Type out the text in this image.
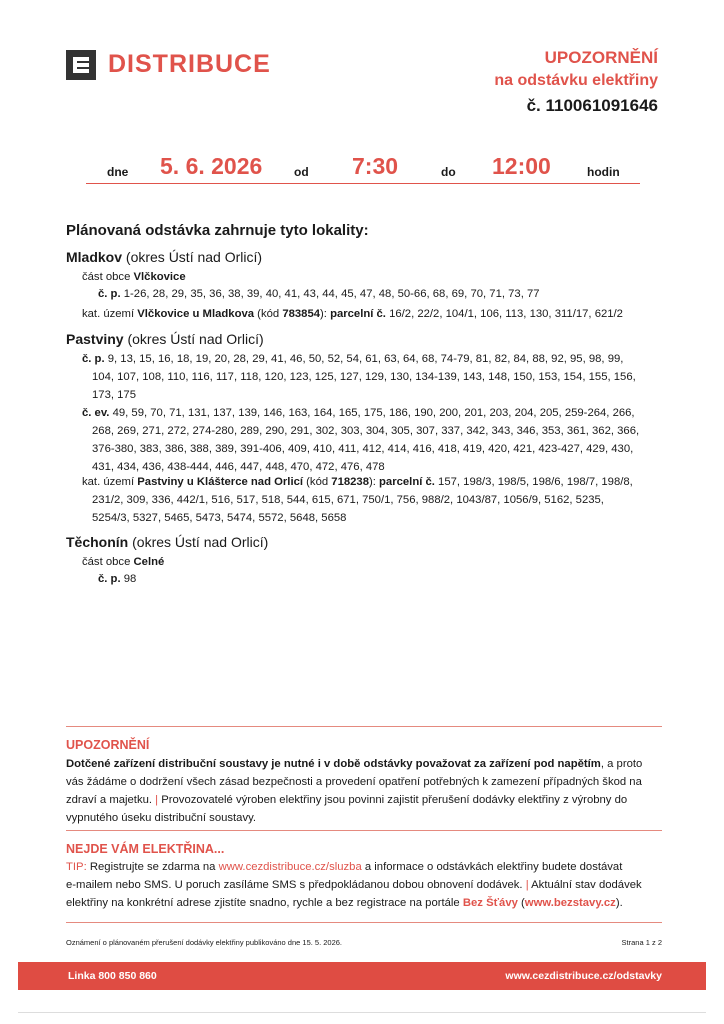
DISTRIBUCE	UPOZORNĚNÍ
na odstávku elektřiny
č. 110061091646
dne 5. 6. 2026	od 7:30	do 12:00	hodin
Plánovaná odstávka zahrnuje tyto lokality:
Mladkov (okres Ústí nad Orlicí)
část obce Vlčkovice
č. p. 1-26, 28, 29, 35, 36, 38, 39, 40, 41, 43, 44, 45, 47, 48, 50-66, 68, 69, 70, 71, 73, 77
kat. území Vlčkovice u Mladkova (kód 783854): parcelní č. 16/2, 22/2, 104/1, 106, 113, 130, 311/17, 621/2
Pastviny (okres Ústí nad Orlicí)
č. p. 9, 13, 15, 16, 18, 19, 20, 28, 29, 41, 46, 50, 52, 54, 61, 63, 64, 68, 74-79, 81, 82, 84, 88, 92, 95, 98, 99,
104, 107, 108, 110, 116, 117, 118, 120, 123, 125, 127, 129, 130, 134-139, 143, 148, 150, 153, 154, 155, 156,
173, 175
č. ev. 49, 59, 70, 71, 131, 137, 139, 146, 163, 164, 165, 175, 186, 190, 200, 201, 203, 204, 205, 259-264, 266,
268, 269, 271, 272, 274-280, 289, 290, 291, 302, 303, 304, 305, 307, 337, 342, 343, 346, 353, 361, 362, 366,
376-380, 383, 386, 388, 389, 391-406, 409, 410, 411, 412, 414, 416, 418, 419, 420, 421, 423-427, 429, 430,
431, 434, 436, 438-444, 446, 447, 448, 470, 472, 476, 478
kat. území Pastviny u Klášterce nad Orlicí (kód 718238): parcelní č. 157, 198/3, 198/5, 198/6, 198/7, 198/8,
231/2, 309, 336, 442/1, 516, 517, 518, 544, 615, 671, 750/1, 756, 988/2, 1043/87, 1056/9, 5162, 5235,
5254/3, 5327, 5465, 5473, 5474, 5572, 5648, 5658
Těchonín (okres Ústí nad Orlicí)
část obce Celné
č. p. 98
UPOZORNĚNÍ
Dotčené zařízení distribuční soustavy je nutné i v době odstávky považovat za zařízení pod napětím, a proto
vás žádáme o dodržení všech zásad bezpečnosti a provedení opatření potřebných k zamezení případných škod na
zdraví a majetku. | Provozovatelé výroben elektřiny jsou povinni zajistit přerušení dodávky elektřiny z výrobny do
vypnutého úseku distribuční soustavy.
NEJDE VÁM ELEKTŘINA...
TIP: Registrujte se zdarma na www.cezdistribuce.cz/sluzba a informace o odstávkách elektřiny budete dostávat
e-mailem nebo SMS. U poruch zasíláme SMS s předpokládanou dobou obnovení dodávek. | Aktuální stav dodávek
elektřiny na konkrétní adrese zjistíte snadno, rychle a bez registrace na portále Bez Šťávy (www.bezstavy.cz).
Oznámení o plánovaném přerušení dodávky elektřiny publikováno dne 15. 5. 2026.	Strana 1 z 2
Linka 800 850 860	www.cezdistribuce.cz/odstavky
